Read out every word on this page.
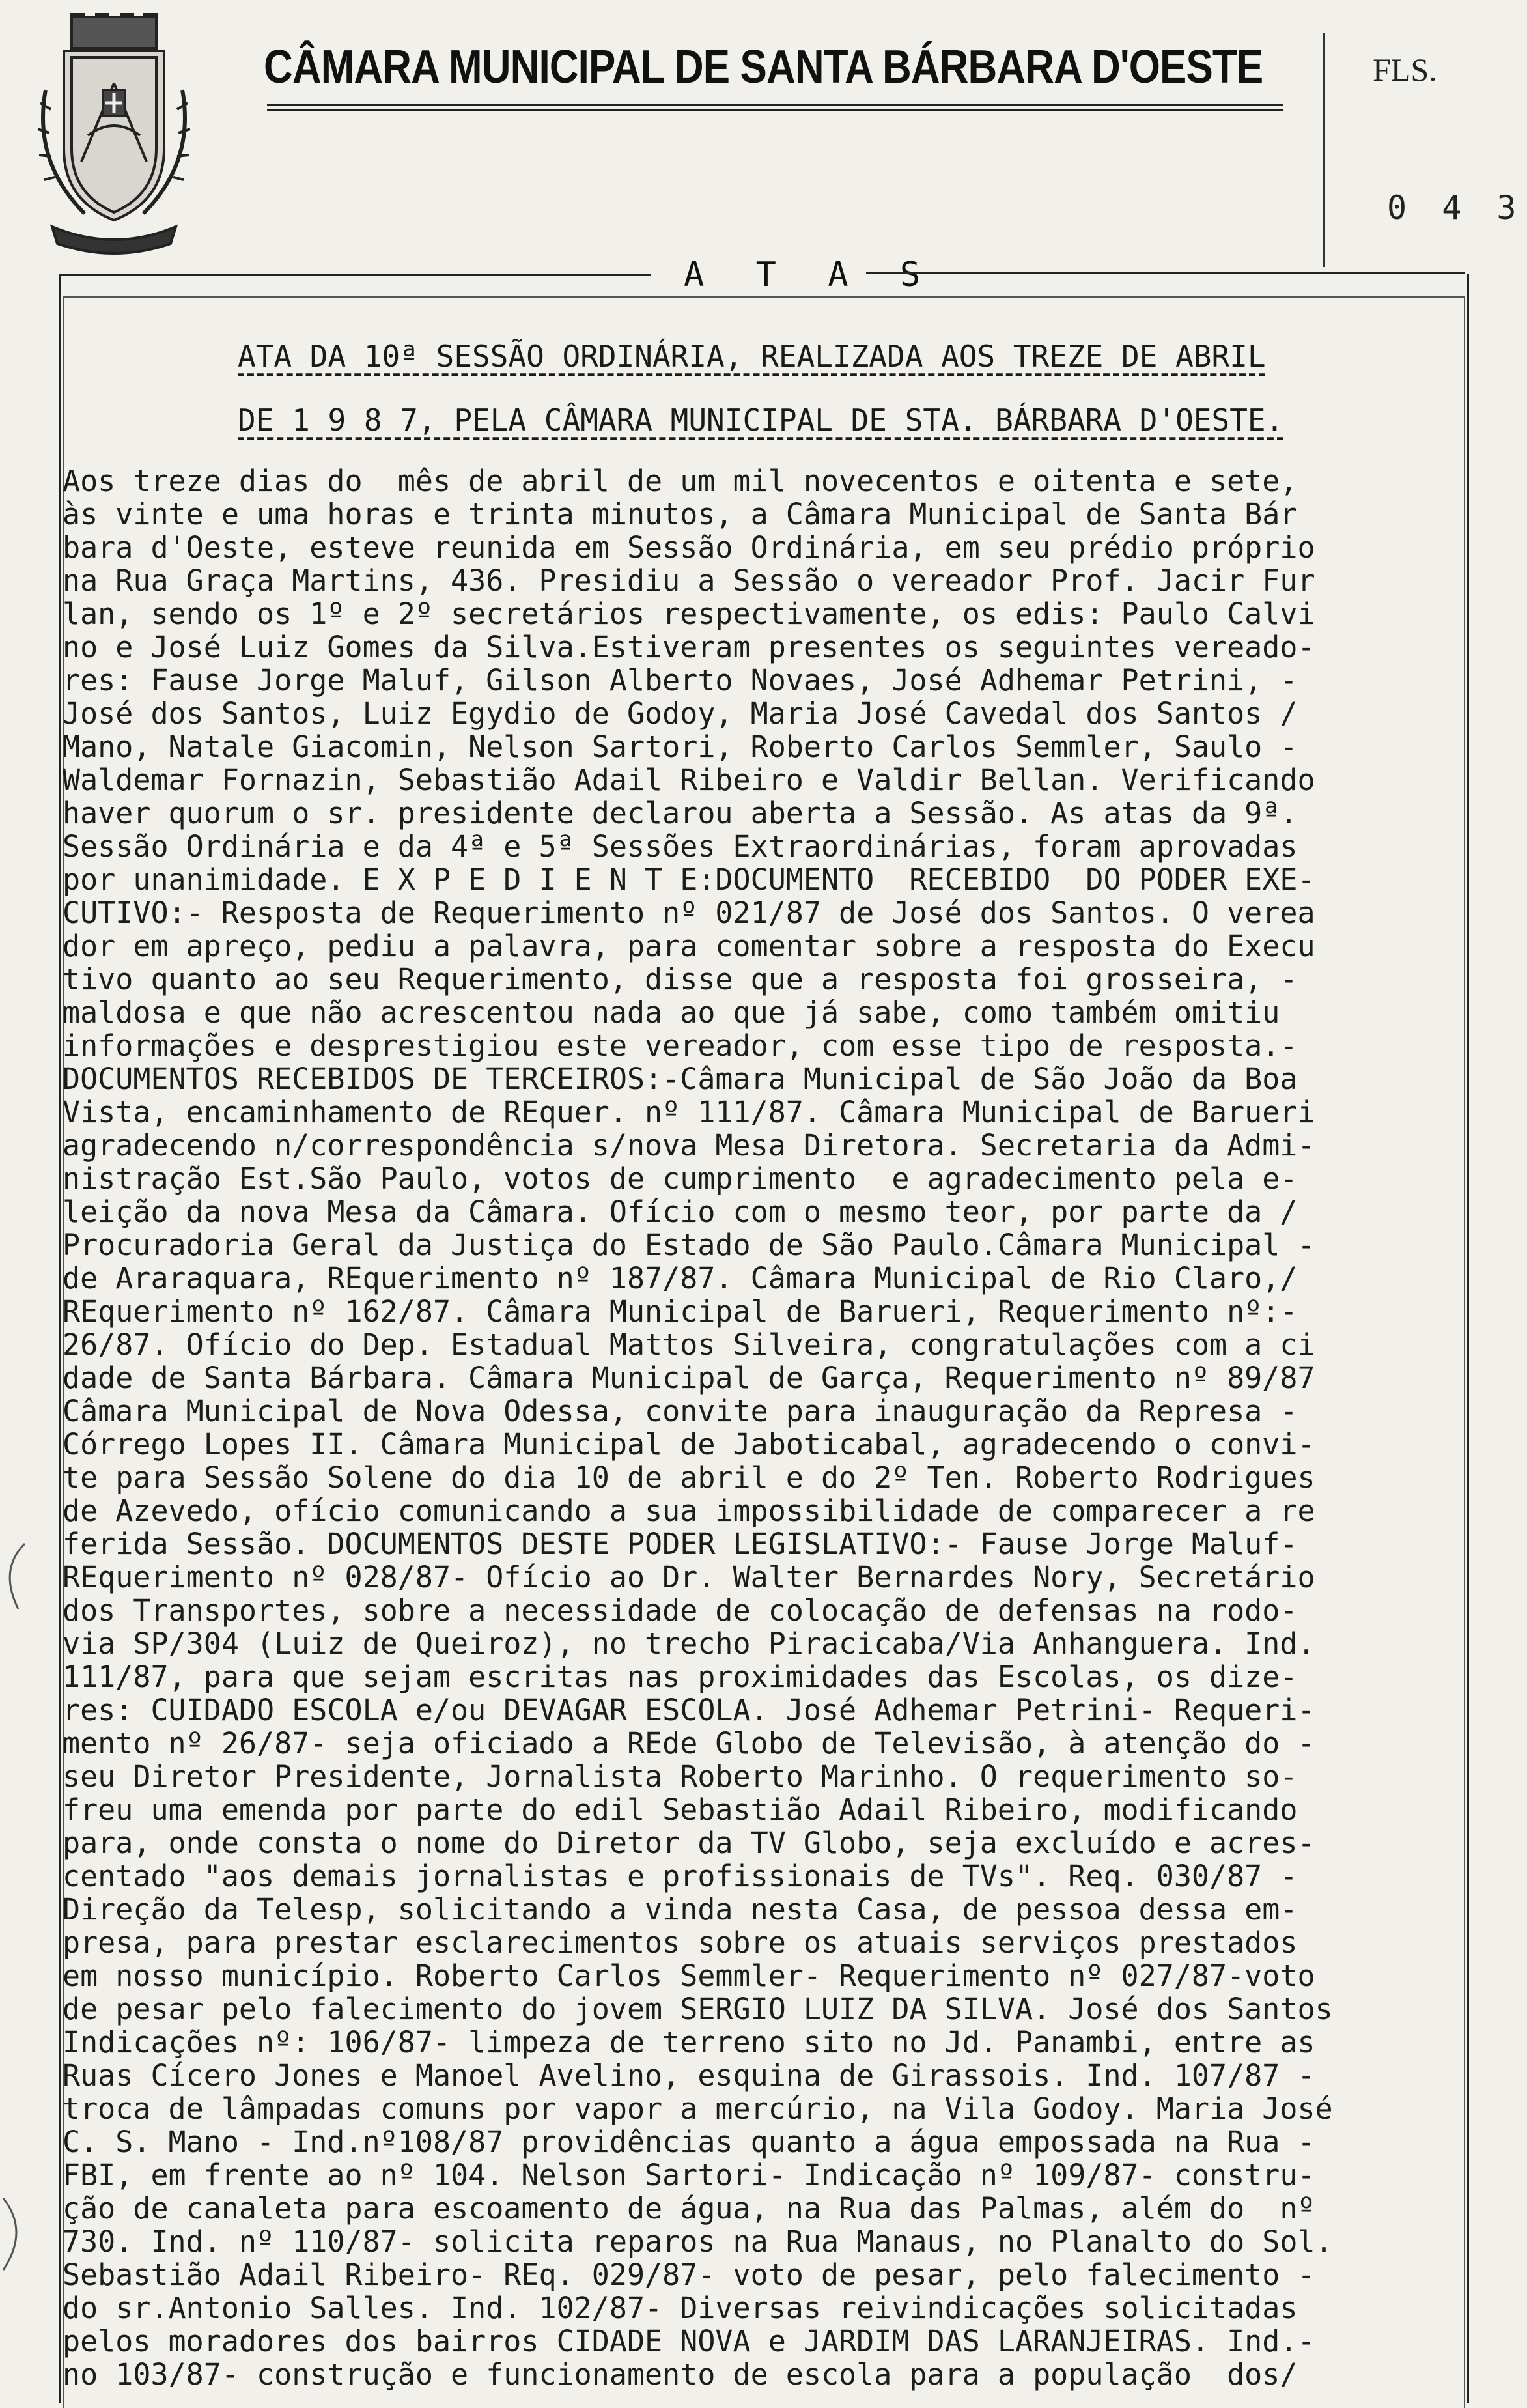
CÂMARA MUNICIPAL DE SANTA BÁRBARA D'OESTE	FLS.
0 4 3
A T A S
ATA DA 10ª SESSÃO ORDINÁRIA, REALIZADA AOS TREZE DE ABRIL
DE 1 9 8 7, PELA CÂMARA MUNICIPAL DE STA. BÁRBARA D'OESTE.
Aos treze dias do  mês de abril de um mil novecentos e oitenta e sete,
às vinte e uma horas e trinta minutos, a Câmara Municipal de Santa Bár
bara d'Oeste, esteve reunida em Sessão Ordinária, em seu prédio próprio
na Rua Graça Martins, 436. Presidiu a Sessão o vereador Prof. Jacir Fur
lan, sendo os 1º e 2º secretários respectivamente, os edis: Paulo Calvi
no e José Luiz Gomes da Silva.Estiveram presentes os seguintes vereado-
res: Fause Jorge Maluf, Gilson Alberto Novaes, José Adhemar Petrini, -
José dos Santos, Luiz Egydio de Godoy, Maria José Cavedal dos Santos /
Mano, Natale Giacomin, Nelson Sartori, Roberto Carlos Semmler, Saulo -
Waldemar Fornazin, Sebastião Adail Ribeiro e Valdir Bellan. Verificando
haver quorum o sr. presidente declarou aberta a Sessão. As atas da 9ª.
Sessão Ordinária e da 4ª e 5ª Sessões Extraordinárias, foram aprovadas
por unanimidade. E X P E D I E N T E:DOCUMENTO  RECEBIDO  DO PODER EXE-
CUTIVO:- Resposta de Requerimento nº 021/87 de José dos Santos. O verea
dor em apreço, pediu a palavra, para comentar sobre a resposta do Execu
tivo quanto ao seu Requerimento, disse que a resposta foi grosseira, -
maldosa e que não acrescentou nada ao que já sabe, como também omitiu
informações e desprestigiou este vereador, com esse tipo de resposta.-
DOCUMENTOS RECEBIDOS DE TERCEIROS:-Câmara Municipal de São João da Boa
Vista, encaminhamento de REquer. nº 111/87. Câmara Municipal de Barueri
agradecendo n/correspondência s/nova Mesa Diretora. Secretaria da Admi-
nistração Est.São Paulo, votos de cumprimento  e agradecimento pela e-
leição da nova Mesa da Câmara. Ofício com o mesmo teor, por parte da /
Procuradoria Geral da Justiça do Estado de São Paulo.Câmara Municipal -
de Araraquara, REquerimento nº 187/87. Câmara Municipal de Rio Claro,/
REquerimento nº 162/87. Câmara Municipal de Barueri, Requerimento nº:-
26/87. Ofício do Dep. Estadual Mattos Silveira, congratulações com a ci
dade de Santa Bárbara. Câmara Municipal de Garça, Requerimento nº 89/87
Câmara Municipal de Nova Odessa, convite para inauguração da Represa -
Córrego Lopes II. Câmara Municipal de Jaboticabal, agradecendo o convi-
te para Sessão Solene do dia 10 de abril e do 2º Ten. Roberto Rodrigues
de Azevedo, ofício comunicando a sua impossibilidade de comparecer a re
ferida Sessão. DOCUMENTOS DESTE PODER LEGISLATIVO:- Fause Jorge Maluf-
REquerimento nº 028/87- Ofício ao Dr. Walter Bernardes Nory, Secretário
dos Transportes, sobre a necessidade de colocação de defensas na rodo-
via SP/304 (Luiz de Queiroz), no trecho Piracicaba/Via Anhanguera. Ind.
111/87, para que sejam escritas nas proximidades das Escolas, os dize-
res: CUIDADO ESCOLA e/ou DEVAGAR ESCOLA. José Adhemar Petrini- Requeri-
mento nº 26/87- seja oficiado a REde Globo de Televisão, à atenção do -
seu Diretor Presidente, Jornalista Roberto Marinho. O requerimento so-
freu uma emenda por parte do edil Sebastião Adail Ribeiro, modificando
para, onde consta o nome do Diretor da TV Globo, seja excluído e acres-
centado "aos demais jornalistas e profissionais de TVs". Req. 030/87 -
Direção da Telesp, solicitando a vinda nesta Casa, de pessoa dessa em-
presa, para prestar esclarecimentos sobre os atuais serviços prestados
em nosso município. Roberto Carlos Semmler- Requerimento nº 027/87-voto
de pesar pelo falecimento do jovem SERGIO LUIZ DA SILVA. José dos Santos
Indicações nº: 106/87- limpeza de terreno sito no Jd. Panambi, entre as
Ruas Cícero Jones e Manoel Avelino, esquina de Girassois. Ind. 107/87 -
troca de lâmpadas comuns por vapor a mercúrio, na Vila Godoy. Maria José
C. S. Mano - Ind.nº108/87 providências quanto a água empossada na Rua -
FBI, em frente ao nº 104. Nelson Sartori- Indicação nº 109/87- constru-
ção de canaleta para escoamento de água, na Rua das Palmas, além do  nº
730. Ind. nº 110/87- solicita reparos na Rua Manaus, no Planalto do Sol.
Sebastião Adail Ribeiro- REq. 029/87- voto de pesar, pelo falecimento -
do sr.Antonio Salles. Ind. 102/87- Diversas reivindicações solicitadas
pelos moradores dos bairros CIDADE NOVA e JARDIM DAS LARANJEIRAS. Ind.-
no 103/87- construção e funcionamento de escola para a população  dos/
